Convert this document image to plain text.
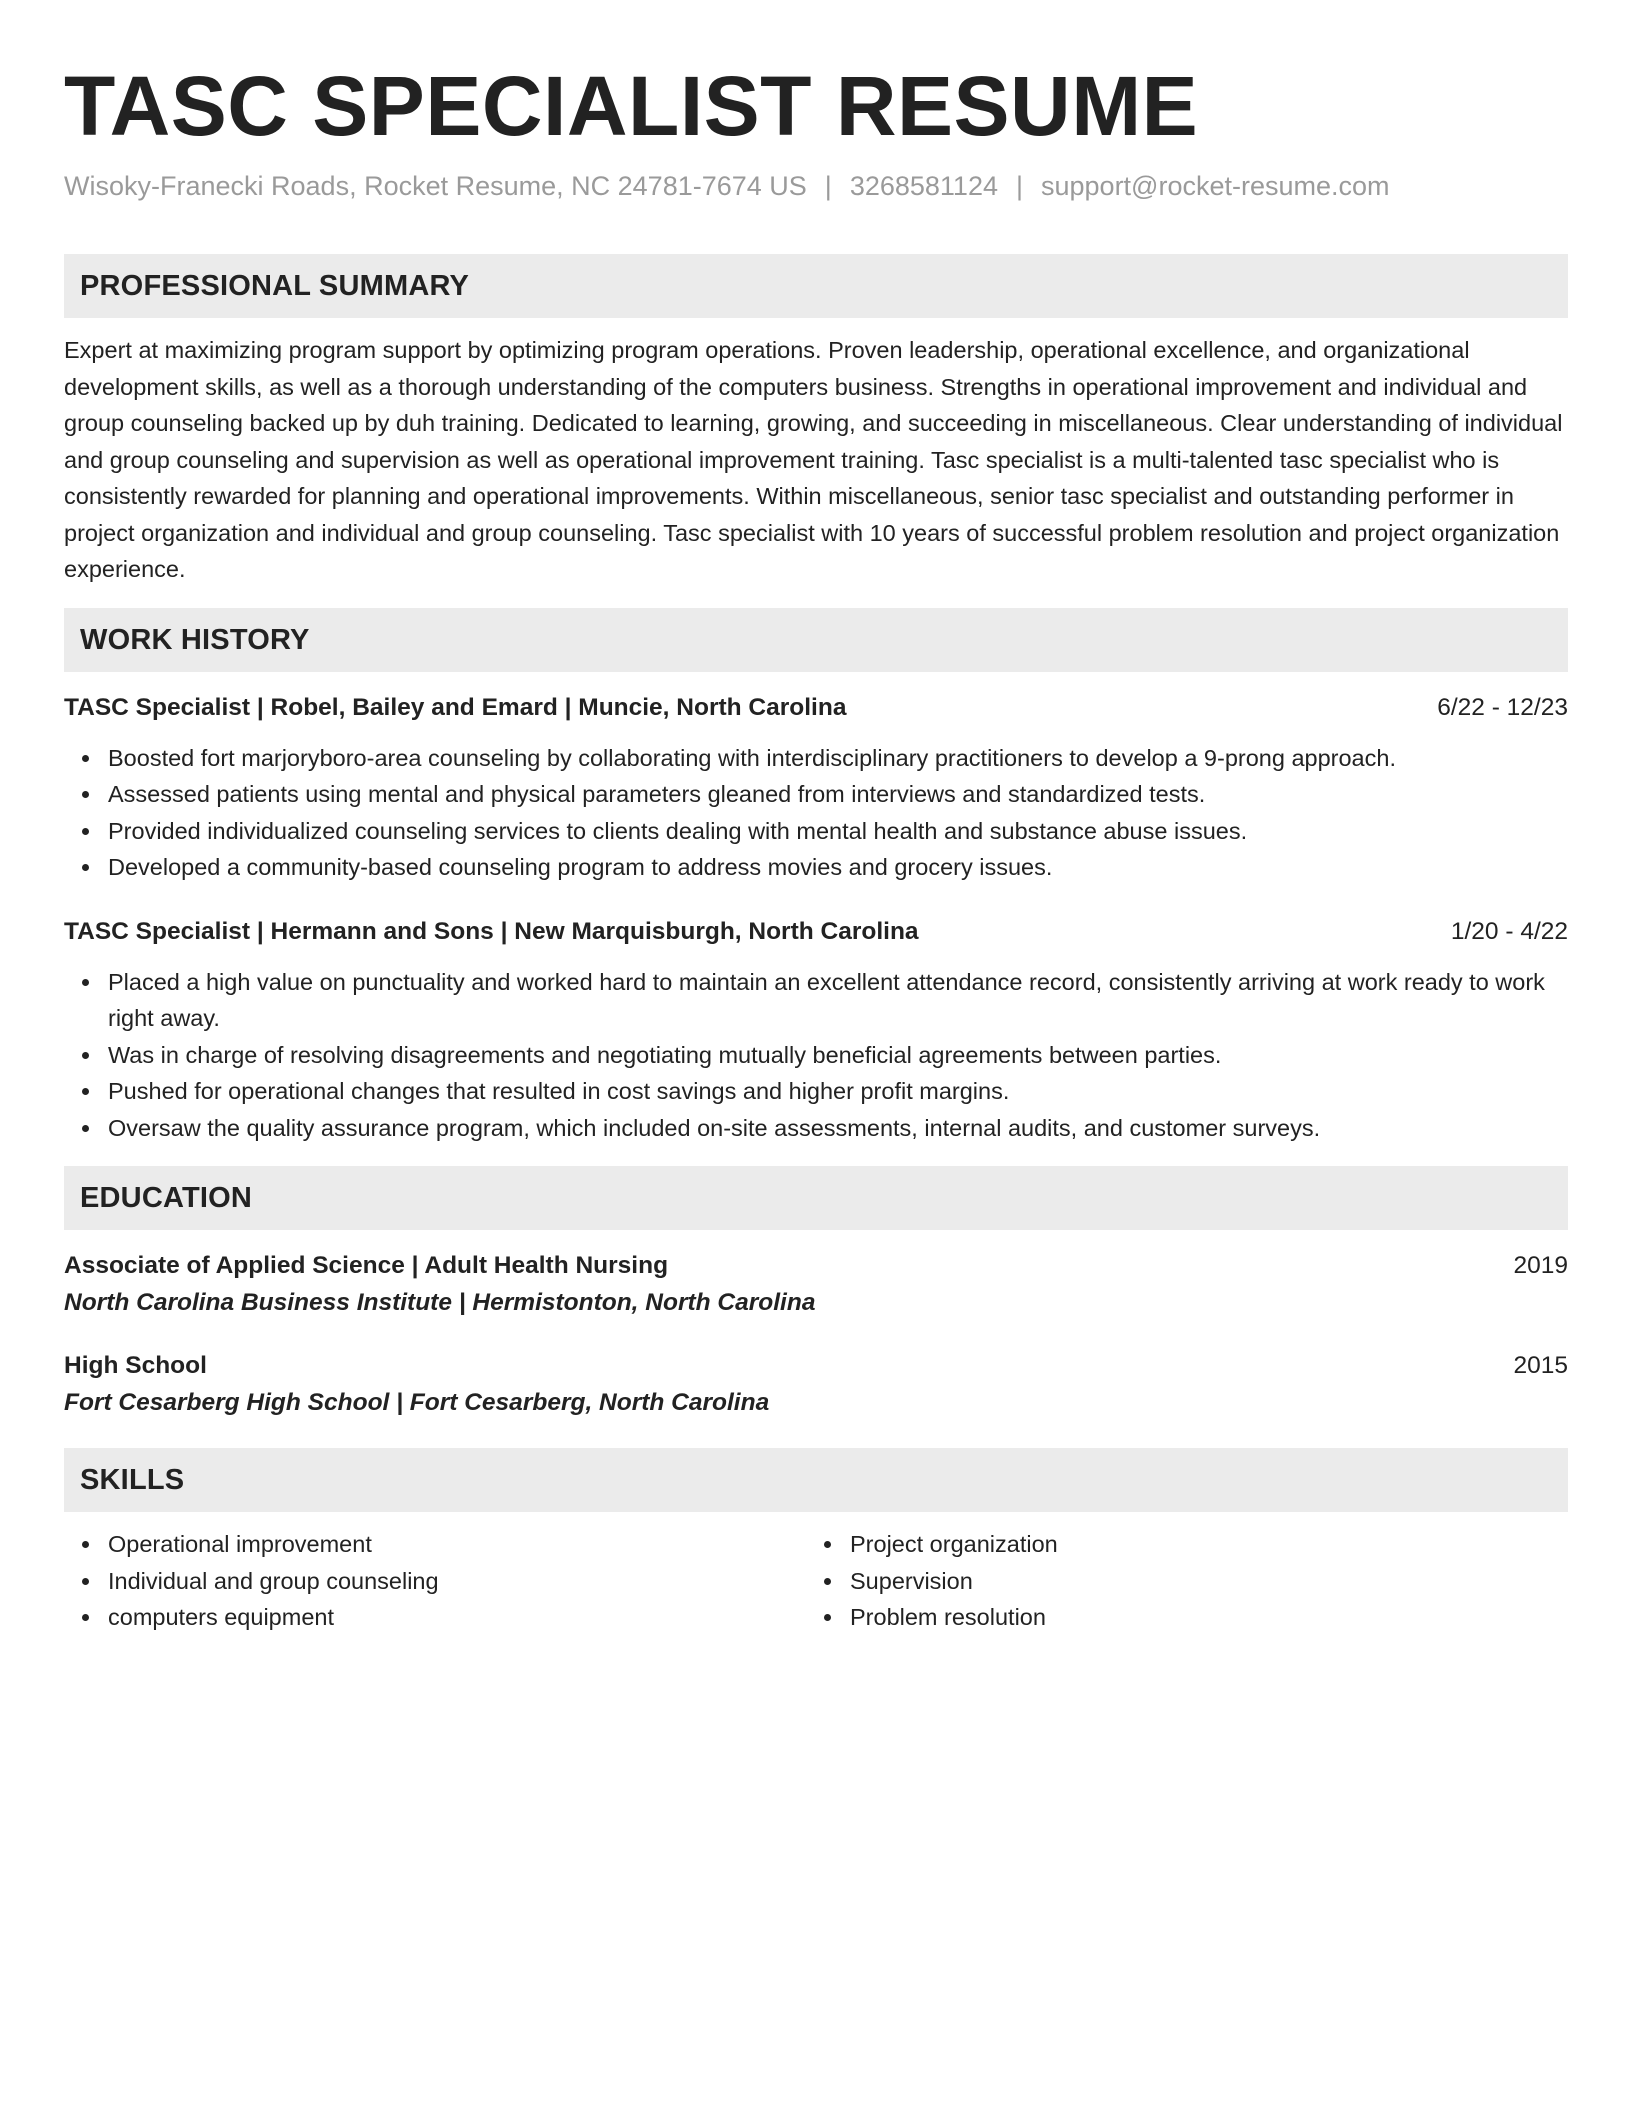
TASC SPECIALIST RESUME
Wisoky-Franecki Roads, Rocket Resume, NC 24781-7674 US | 3268581124 | support@rocket-resume.com
PROFESSIONAL SUMMARY
Expert at maximizing program support by optimizing program operations. Proven leadership, operational excellence, and organizational development skills, as well as a thorough understanding of the computers business. Strengths in operational improvement and individual and group counseling backed up by duh training. Dedicated to learning, growing, and succeeding in miscellaneous. Clear understanding of individual and group counseling and supervision as well as operational improvement training. Tasc specialist is a multi-talented tasc specialist who is consistently rewarded for planning and operational improvements. Within miscellaneous, senior tasc specialist and outstanding performer in project organization and individual and group counseling. Tasc specialist with 10 years of successful problem resolution and project organization experience.
WORK HISTORY
TASC Specialist | Robel, Bailey and Emard | Muncie, North Carolina	6/22 - 12/23
Boosted fort marjoryboro-area counseling by collaborating with interdisciplinary practitioners to develop a 9-prong approach.
Assessed patients using mental and physical parameters gleaned from interviews and standardized tests.
Provided individualized counseling services to clients dealing with mental health and substance abuse issues.
Developed a community-based counseling program to address movies and grocery issues.
TASC Specialist | Hermann and Sons | New Marquisburgh, North Carolina	1/20 - 4/22
Placed a high value on punctuality and worked hard to maintain an excellent attendance record, consistently arriving at work ready to work right away.
Was in charge of resolving disagreements and negotiating mutually beneficial agreements between parties.
Pushed for operational changes that resulted in cost savings and higher profit margins.
Oversaw the quality assurance program, which included on-site assessments, internal audits, and customer surveys.
EDUCATION
Associate of Applied Science | Adult Health Nursing	2019
North Carolina Business Institute | Hermistonton, North Carolina
High School	2015
Fort Cesarberg High School | Fort Cesarberg, North Carolina
SKILLS
Operational improvement
Individual and group counseling
computers equipment
Project organization
Supervision
Problem resolution
